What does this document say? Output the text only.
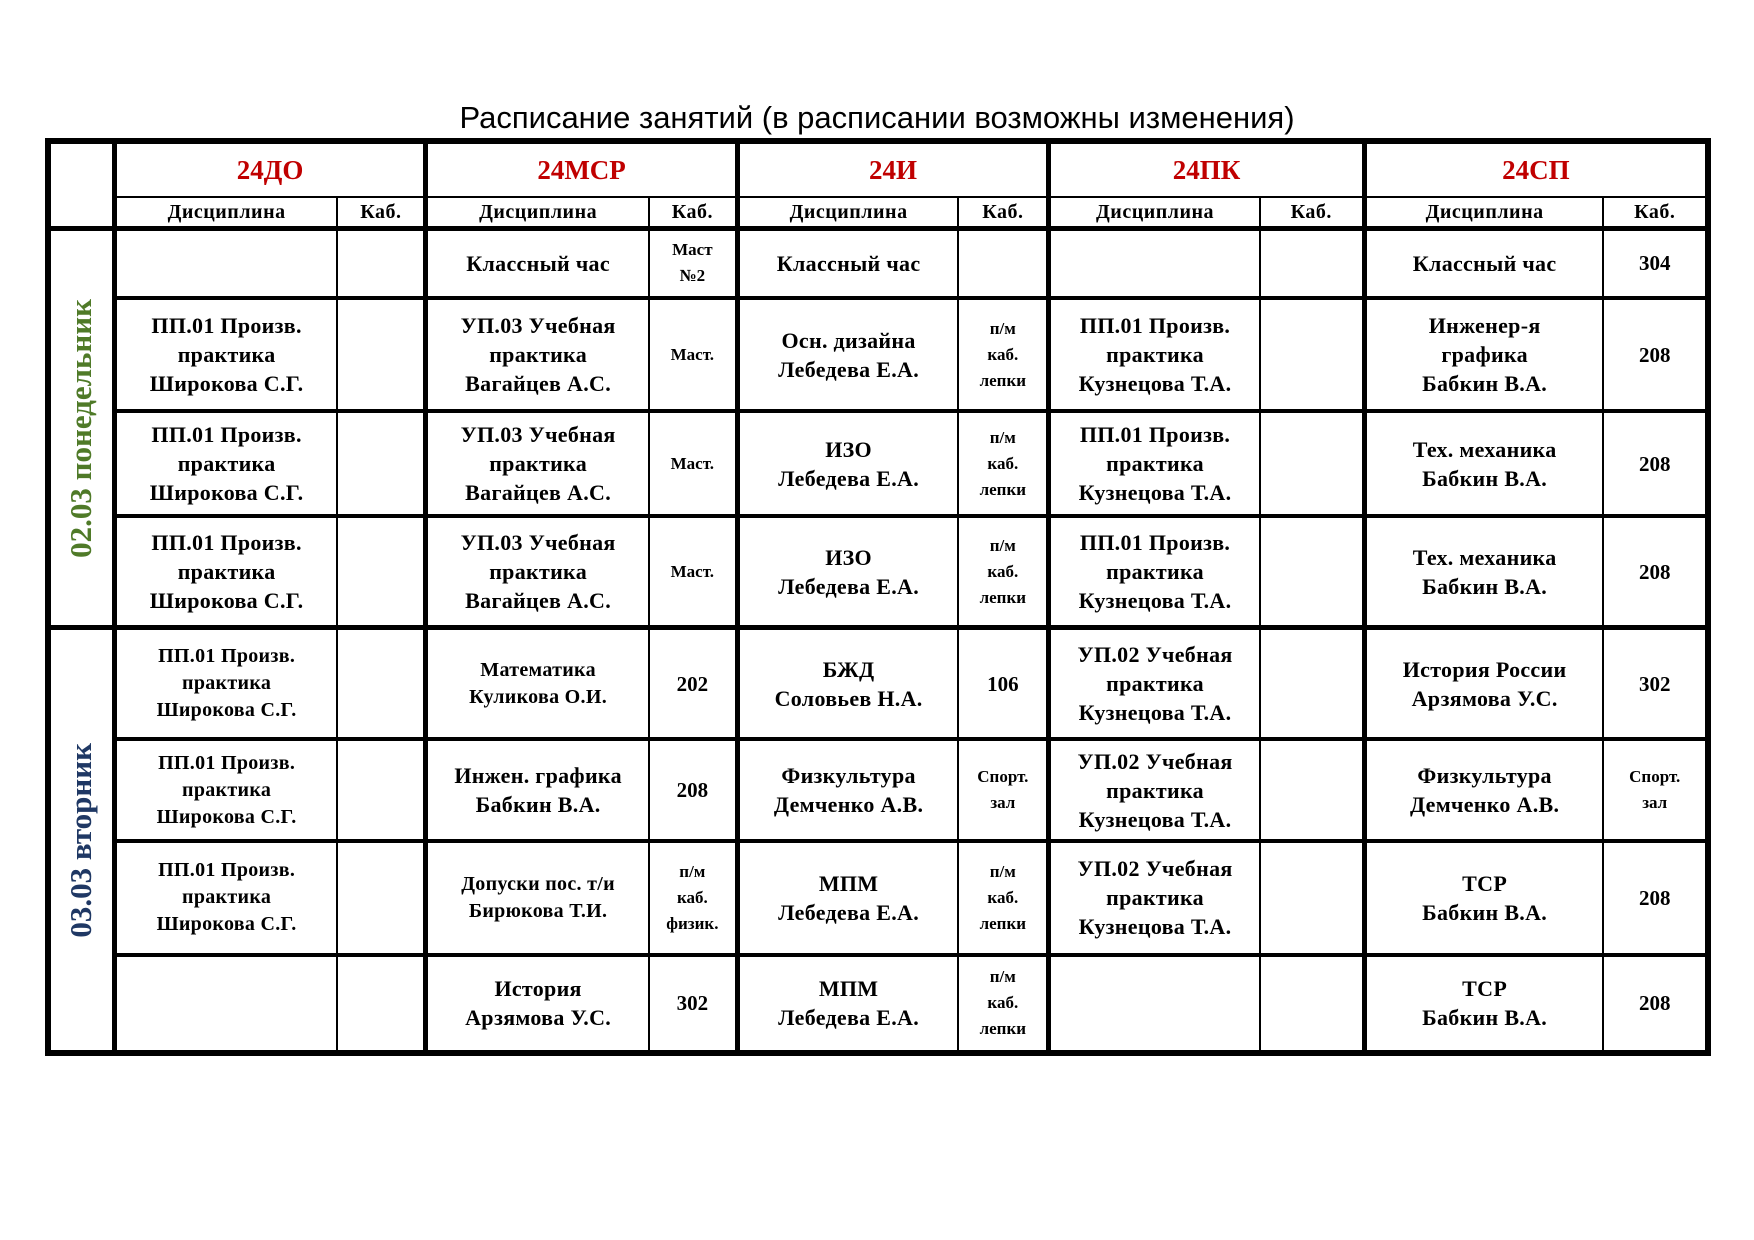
Расписание занятий (в расписании возможны изменения)
	24ДО		24МСР		24И		24ПК		24СП	
	Дисциплина	Каб.	Дисциплина	Каб.	Дисциплина	Каб.	Дисциплина	Каб.	Дисциплина	Каб.

02.03 понедельник			Классный час	Маст
№2	Классный час				Классный час	304
	ПП.01 Произв.
практика
Широкова С.Г.		УП.03 Учебная
практика
Вагайцев А.С.	Маст.	Осн. дизайна
Лебедева Е.А.	п/м
каб.
лепки	ПП.01 Произв.
практика
Кузнецова Т.А.		Инженер-я
графика
Бабкин В.А.	208
	ПП.01 Произв.
практика
Широкова С.Г.		УП.03 Учебная
практика
Вагайцев А.С.	Маст.	ИЗО
Лебедева Е.А.	п/м
каб.
лепки	ПП.01 Произв.
практика
Кузнецова Т.А.		Тех. механика
Бабкин В.А.	208
	ПП.01 Произв.
практика
Широкова С.Г.		УП.03 Учебная
практика
Вагайцев А.С.	Маст.	ИЗО
Лебедева Е.А.	п/м
каб.
лепки	ПП.01 Произв.
практика
Кузнецова Т.А.		Тех. механика
Бабкин В.А.	208

03.03 вторник	ПП.01 Произв.
практика
Широкова С.Г.		Математика
Куликова О.И.	202	БЖД
Соловьев Н.А.	106	УП.02 Учебная
практика
Кузнецова Т.А.		История России
Арзямова У.С.	302
	ПП.01 Произв.
практика
Широкова С.Г.		Инжен. графика
Бабкин В.А.	208	Физкультура
Демченко А.В.	Спорт.
зал	УП.02 Учебная
практика
Кузнецова Т.А.		Физкультура
Демченко А.В.	Спорт.
зал
	ПП.01 Произв.
практика
Широкова С.Г.		Допуски пос. т/и
Бирюкова Т.И.	п/м
каб.
физик.	МПМ
Лебедева Е.А.	п/м
каб.
лепки	УП.02 Учебная
практика
Кузнецова Т.А.		ТСР
Бабкин В.А.	208
			История
Арзямова У.С.	302	МПМ
Лебедева Е.А.	п/м
каб.
лепки			ТСР
Бабкин В.А.	208
